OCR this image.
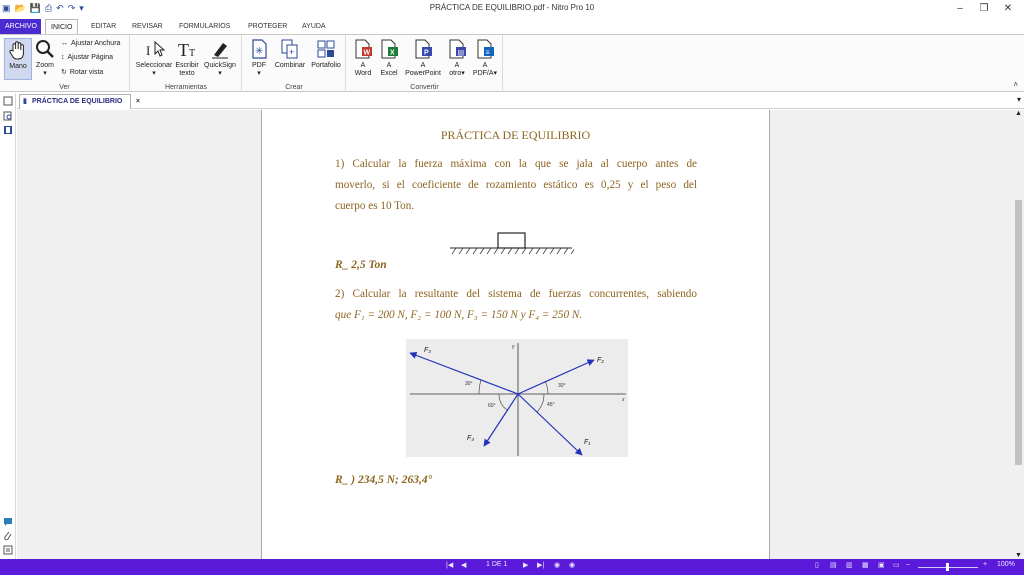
▣ 📂 💾 ⎙ ↶ ↷ ▾	PRÁCTICA DE EQUILIBRIO.pdf - Nitro Pro 10	–	❐	✕
ARCHIVO	INICIO	EDITAR	REVISAR	FORMULARIOS	PROTEGER	AYUDA
Mano	Zoom
▾
↔ Ajustar Anchura
↕ Ajustar Página
↻ Rotar vista
Ver
I
Seleccionar
▾
T T
Escribir
texto
QuickSign
▾
Herramientas
✳
PDF
▾
+
Combinar Portafolio
Crear
W
A
Word
X
A
Excel
P
A
PowerPoint
▤
A
otro▾
≡
A
PDF/A▾
Convertir	˄
▮ PRÁCTICA DE EQUILIBRIO ×	▾
PRÁCTICA DE EQUILIBRIO
1) Calcular la fuerza máxima con la que se jala al cuerpo antes de
moverlo, si el coeficiente de rozamiento estático es 0,25 y el peso del
cuerpo es 10 Ton.
R_ 2,5 Ton
2) Calcular la resultante del sistema de fuerzas concurrentes, sabiendo
que F₁ = 200 N, F₂ = 100 N, F₃ = 150 N y F₄ = 250 N.
x
y
30°
30°
60°	45°
F₂
F₃
F₄
F₁
R_ ) 234,5 N; 263,4°
▲
▼
|◀ ◀	1 DE 1 ▶ ▶| ◉ ◉	▯ ▤ ▥ ▦ ▣ ▭ –	+ 100%
